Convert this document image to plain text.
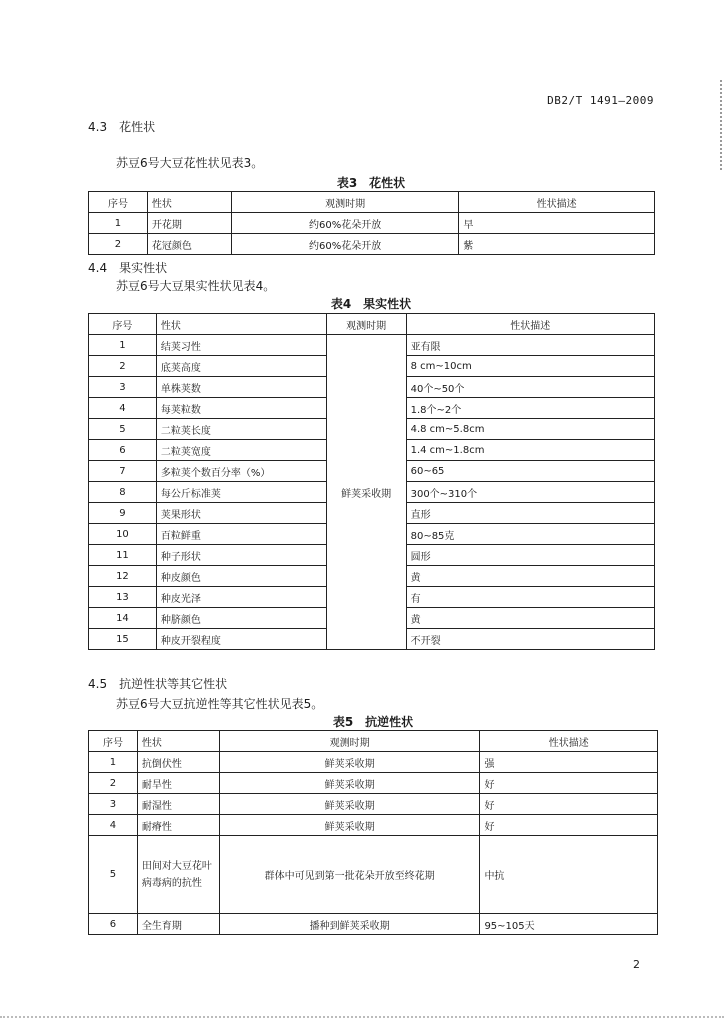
DB2/T 1491—2009
4.3　花性状
苏豆6号大豆花性状见表3。
表3　花性状
序号	性状	观测时期	性状描述
1	开花期	约60%花朵开放	早
2	花冠颜色	约60%花朵开放	紫
4.4　果实性状
苏豆6号大豆果实性状见表4。
表4　果实性状
序号	性状	观测时期	性状描述
1	结荚习性	鲜荚采收期	亚有限
2	底荚高度		8 cm~10cm
3	单株荚数		40个~50个
4	每荚粒数		1.8个~2个
5	二粒荚长度		4.8 cm~5.8cm
6	二粒荚宽度		1.4 cm~1.8cm
7	多粒荚个数百分率（%）		60~65
8	每公斤标准荚		300个~310个
9	荚果形状		直形
10	百粒鲜重		80~85克
11	种子形状		圆形
12	种皮颜色		黄
13	种皮光泽		有
14	种脐颜色		黄
15	种皮开裂程度		不开裂
4.5　抗逆性状等其它性状
苏豆6号大豆抗逆性等其它性状见表5。
表5　抗逆性状
序号	性状	观测时期	性状描述
1	抗倒伏性	鲜荚采收期	强
2	耐旱性	鲜荚采收期	好
3	耐湿性	鲜荚采收期	好
4	耐瘠性	鲜荚采收期	好
5	田间对大豆花叶病毒病的抗性	群体中可见到第一批花朵开放至终花期	中抗
6	全生育期	播种到鲜荚采收期	95~105天
2
